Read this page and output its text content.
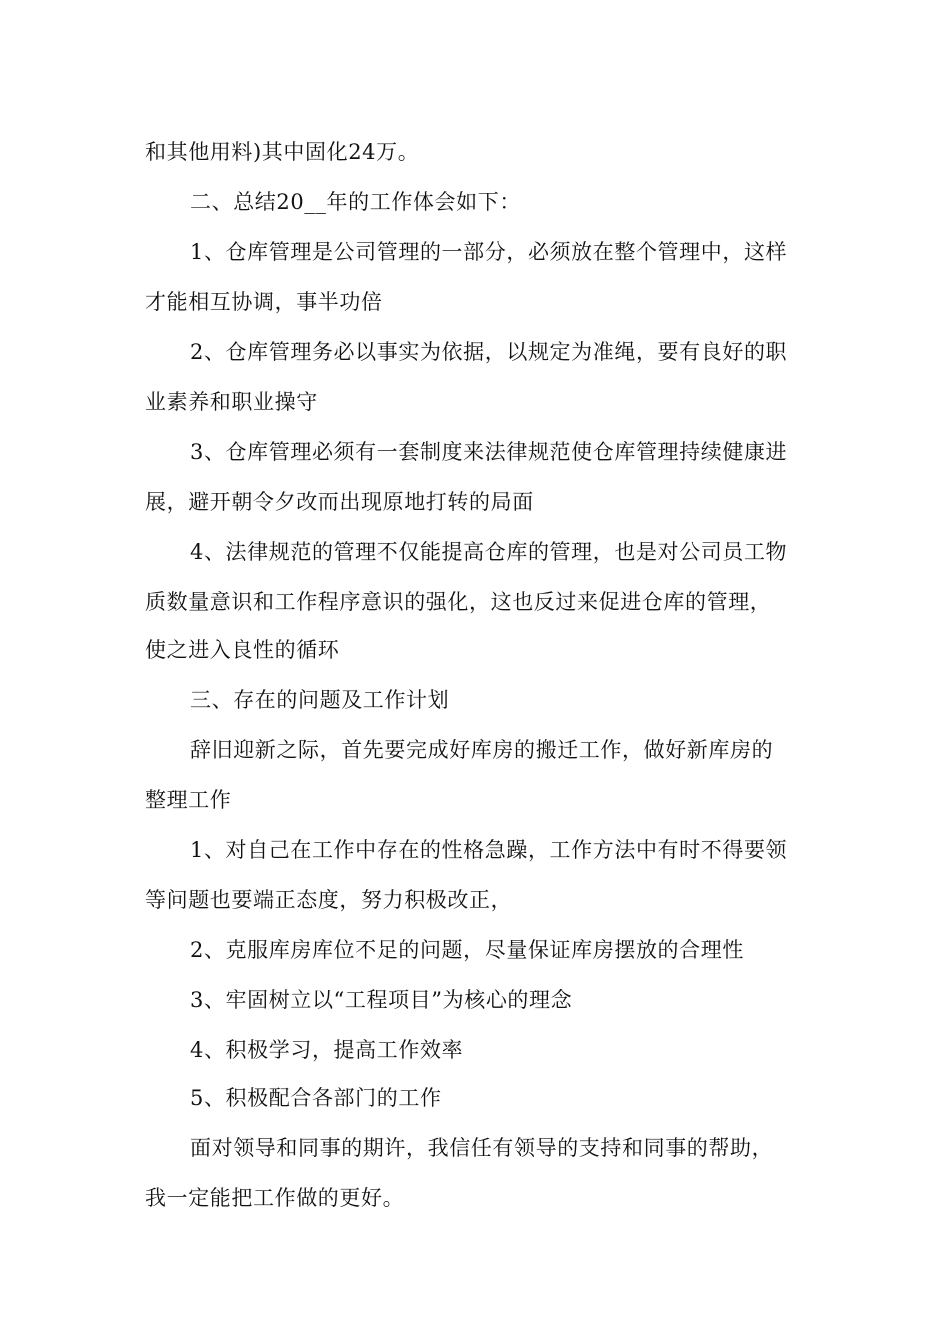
和其他用料)其中固化24万。
二、总结20__年的工作体会如下：
1、仓库管理是公司管理的一部分，必须放在整个管理中，这样
才能相互协调，事半功倍
2、仓库管理务必以事实为依据，以规定为准绳，要有良好的职
业素养和职业操守
3、仓库管理必须有一套制度来法律规范使仓库管理持续健康进
展，避开朝令夕改而出现原地打转的局面
4、法律规范的管理不仅能提高仓库的管理，也是对公司员工物
质数量意识和工作程序意识的强化，这也反过来促进仓库的管理，
使之进入良性的循环
三、存在的问题及工作计划
辞旧迎新之际，首先要完成好库房的搬迁工作，做好新库房的
整理工作
1、对自己在工作中存在的性格急躁，工作方法中有时不得要领
等问题也要端正态度，努力积极改正，
2、克服库房库位不足的问题，尽量保证库房摆放的合理性
3、牢固树立以“工程项目”为核心的理念
4、积极学习，提高工作效率
5、积极配合各部门的工作
面对领导和同事的期许，我信任有领导的支持和同事的帮助，
我一定能把工作做的更好。
